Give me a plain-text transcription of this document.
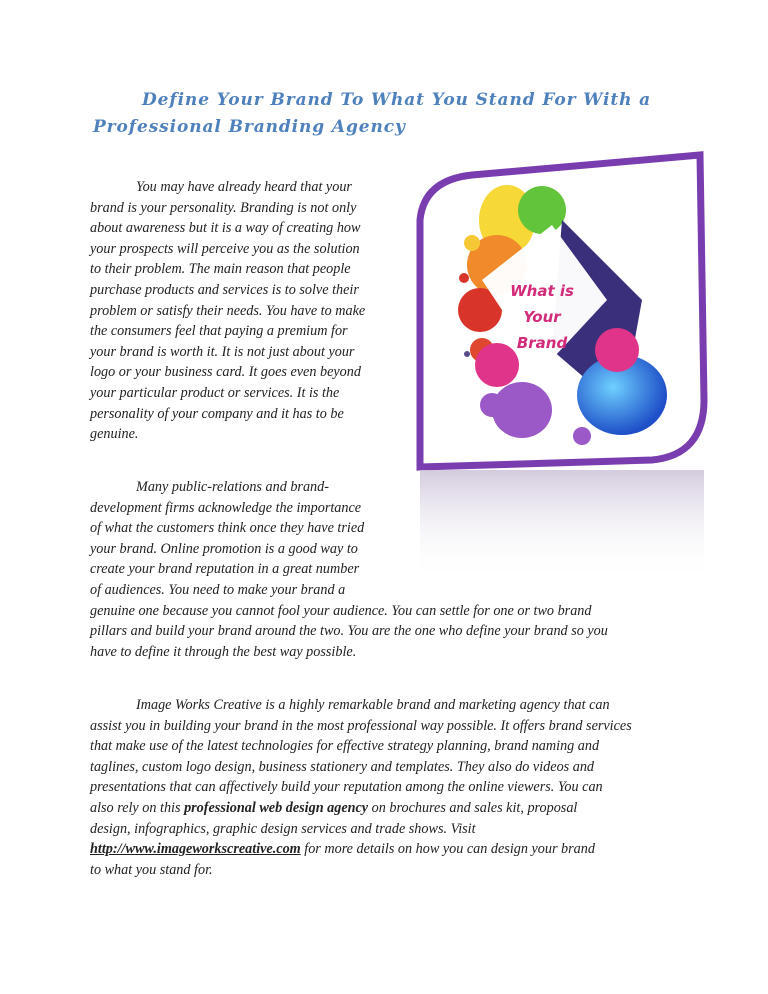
Define Your Brand To What You Stand For With a
Professional Branding Agency
You may have already heard that your
brand is your personality. Branding is not only
about awareness but it is a way of creating how
your prospects will perceive you as the solution
to their problem. The main reason that people
purchase products and services is to solve their
problem or satisfy their needs. You have to make
the consumers feel that paying a premium for
your brand is worth it. It is not just about your
logo or your business card. It goes even beyond
your particular product or services. It is the
personality of your company and it has to be
genuine.
Many public-relations and brand-
development firms acknowledge the importance
of what the customers think once they have tried
your brand. Online promotion is a good way to
create your brand reputation in a great number
of audiences. You need to make your brand a
genuine one because you cannot fool your audience. You can settle for one or two brand
pillars and build your brand around the two. You are the one who define your brand so you
have to define it through the best way possible.
Image Works Creative is a highly remarkable brand and marketing agency that can
assist you in building your brand in the most professional way possible. It offers brand services
that make use of the latest technologies for effective strategy planning, brand naming and
taglines, custom logo design, business stationery and templates. They also do videos and
presentations that can affectively build your reputation among the online viewers. You can
also rely on this professional web design agency on brochures and sales kit, proposal
design, infographics, graphic design services and trade shows. Visit
http://www.imageworkscreative.com for more details on how you can design your brand
to what you stand for.
What is
Your
Brand
